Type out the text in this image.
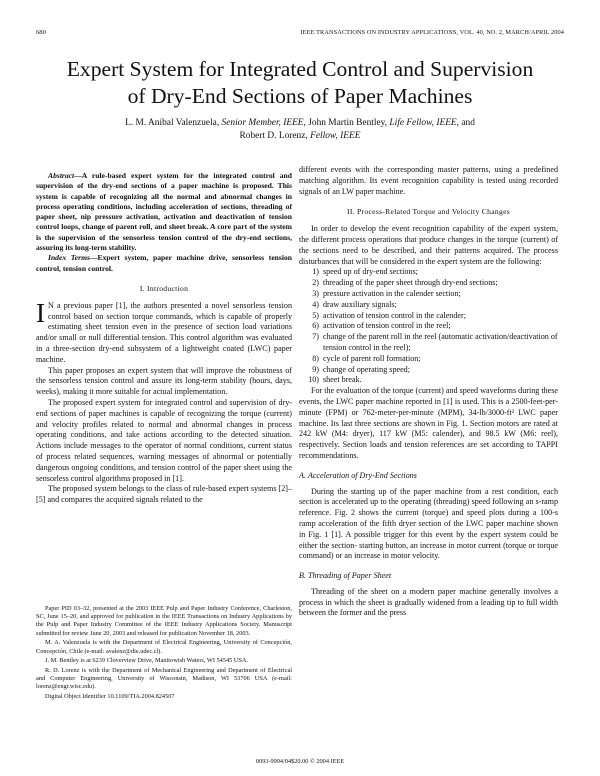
680	IEEE TRANSACTIONS ON INDUSTRY APPLICATIONS, VOL. 40, NO. 2, MARCH/APRIL 2004
Expert System for Integrated Control and Supervision
of Dry-End Sections of Paper Machines
L. M. Aníbal Valenzuela, Senior Member, IEEE, John Martin Bentley, Life Fellow, IEEE, and
Robert D. Lorenz, Fellow, IEEE

Abstract—A rule-based expert system for the integrated control and supervision of the dry-end sections of a paper machine is proposed. This system is capable of recognizing all the normal and abnormal changes in process operating conditions, including acceleration of sections, threading of paper sheet, nip pressure activation, activation and deactivation of tension control loops, change of parent roll, and sheet break. A core part of the system is the supervision of the sensorless tension control of the dry-end sections, assuring its long-term stability.

Index Terms—Expert system, paper machine drive, sensorless tension control, tension control.

I. Introduction

I N a previous paper [1], the authors presented a novel sensorless tension control based on section torque commands, which is capable of properly estimating sheet tension even in the presence of section load variations and/or small or null differential tension. This control algorithm was evaluated in a three-section dry-end subsystem of a lightweight coated (LWC) paper machine.

This paper proposes an expert system that will improve the robustness of the sensorless tension control and assure its long-term stability (hours, days, weeks), making it more suitable for actual implementation.

The proposed expert system for integrated control and supervision of dry-end sections of paper machines is capable of recognizing the torque (current) and velocity profiles related to normal and abnormal changes in process operating conditions, and take actions according to the detected situation. Actions include messages to the operator of normal conditions, current status of process related sequences, warning messages of abnormal or potentially dangerous ongoing conditions, and tension control of the paper sheet using the sensorless control algorithms proposed in [1].

The proposed system belongs to the class of rule-based expert systems [2]–[5] and compares the acquired signals related to the

Paper PID 03–32, presented at the 2003 IEEE Pulp and Paper Industry Conference, Charleston, SC, June 15–20, and approved for publication in the IEEE Transactions on Industry Applications by the Pulp and Paper Industry Committee of the IEEE Industry Applications Society. Manuscript submitted for review June 20, 2003 and released for publication November 18, 2003.

M. A. Valenzuela is with the Department of Electrical Engineering, University of Concepción, Concepción, Chile (e-mail: avalenz@die.udec.cl).

J. M. Bentley is at 6239 Cloverview Drive, Manitowish Waters, WI 54545 USA.

R. D. Lorenz is with the Department of Mechanical Engineering and Department of Electrical and Computer Engineering, University of Wisconsin, Madison, WI 53706 USA (e-mail: lorenz@engr.wisc.edu).

Digital Object Identifier 10.1109/TIA.2004.824507

different events with the corresponding master patterns, using a predefined matching algorithm. Its event recognition capability is tested using recorded signals of an LW paper machine.

II. Process-Related Torque and Velocity Changes

In order to develop the event recognition capability of the expert system, the different process operations that produce changes in the torque (current) of the sections need to be described, and their patterns acquired. The process disturbances that will be considered in the expert system are the following:

1) speed up of dry-end sections;
2) threading of the paper sheet through dry-end sections;
3) pressure activation in the calender section;
4) draw auxiliary signals;
5) activation of tension control in the calender;
6) activation of tension control in the reel;
7) change of the parent roll in the reel (automatic activation/deactivation of tension control in the reel);
8) cycle of parent roll formation;
9) change of operating speed;
10) sheet break.

For the evaluation of the torque (current) and speed waveforms during these events, the LWC paper machine reported in [1] is used. This is a 2500-feet-per-minute (FPM) or 762-meter-per-minute (MPM), 34-lb/3000-ft² LWC paper machine. Its last three sections are shown in Fig. 1. Section motors are rated at 242 kW (M4: dryer), 117 kW (M5: calender), and 98.5 kW (M6: reel), respectively. Section loads and tension references are set according to TAPPI recommendations.

A. Acceleration of Dry-End Sections

During the starting up of the paper machine from a rest condition, each section is accelerated up to the operating (threading) speed following an s-ramp reference. Fig. 2 shows the current (torque) and speed plots during a 100-s ramp acceleration of the fifth dryer section of the LWC paper machine shown in Fig. 1 [1]. A possible trigger for this event by the expert system could be either the section- starting button, an increase in motor current (torque or torque command) or an increase in motor velocity.

B. Threading of Paper Sheet

Threading of the sheet on a modern paper machine generally involves a process in which the sheet is gradually widened from a leading tip to full width between the former and the press

0093-9994/04$20.00 © 2004 IEEE
